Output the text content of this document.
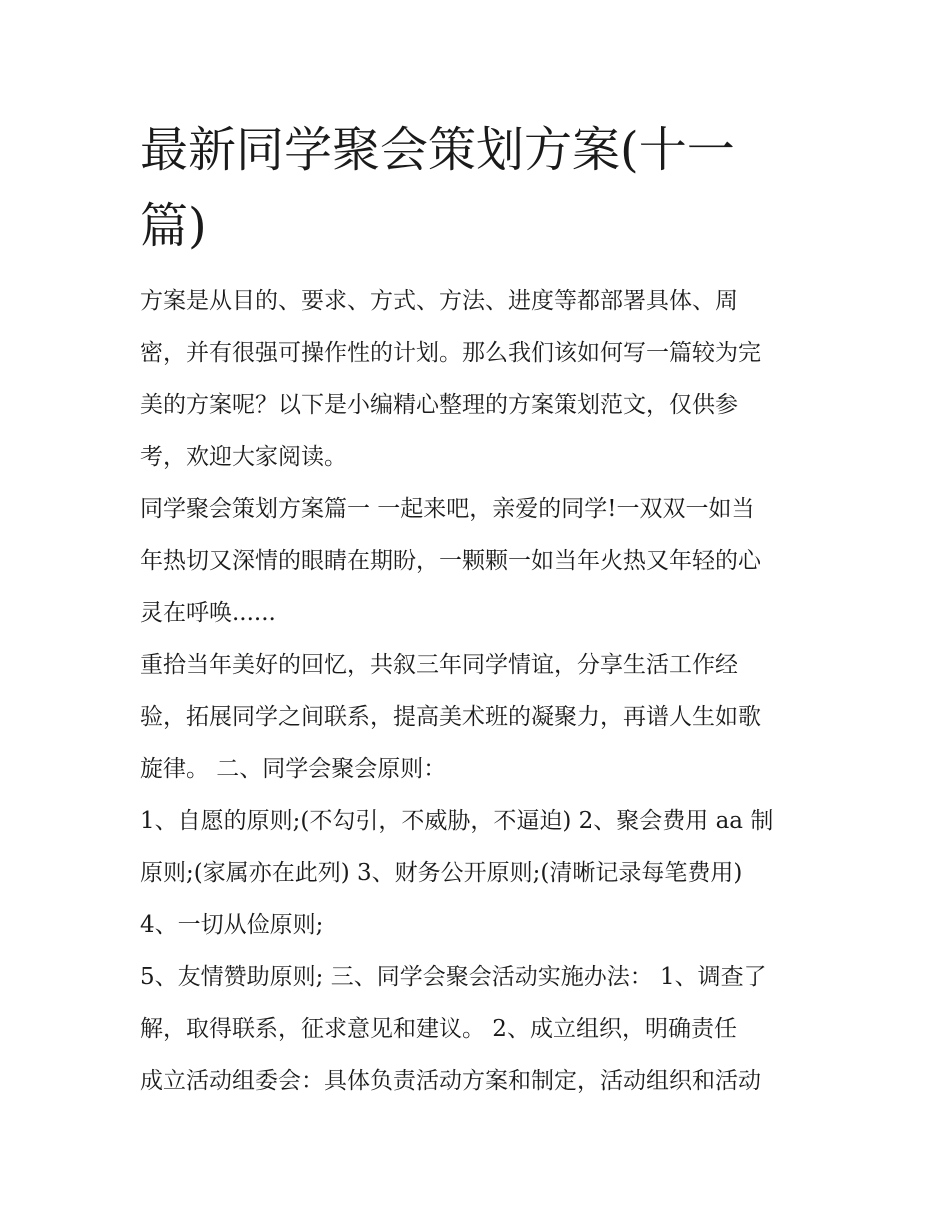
最新同学聚会策划方案(十一
篇)
方案是从目的、要求、方式、方法、进度等都部署具体、周
密，并有很强可操作性的计划。那么我们该如何写一篇较为完
美的方案呢？以下是小编精心整理的方案策划范文，仅供参
考，欢迎大家阅读。
同学聚会策划方案篇一 一起来吧，亲爱的同学!一双双一如当
年热切又深情的眼睛在期盼，一颗颗一如当年火热又年轻的心
灵在呼唤......
重拾当年美好的回忆，共叙三年同学情谊，分享生活工作经
验，拓展同学之间联系，提高美术班的凝聚力，再谱人生如歌
旋律。 二、同学会聚会原则：
1、自愿的原则;(不勾引，不威胁，不逼迫) 2、聚会费用 aa 制
原则;(家属亦在此列) 3、财务公开原则;(清晰记录每笔费用)
4、一切从俭原则;
5、友情赞助原则; 三、同学会聚会活动实施办法： 1、调查了
解，取得联系，征求意见和建议。 2、成立组织，明确责任
成立活动组委会：具体负责活动方案和制定，活动组织和活动
